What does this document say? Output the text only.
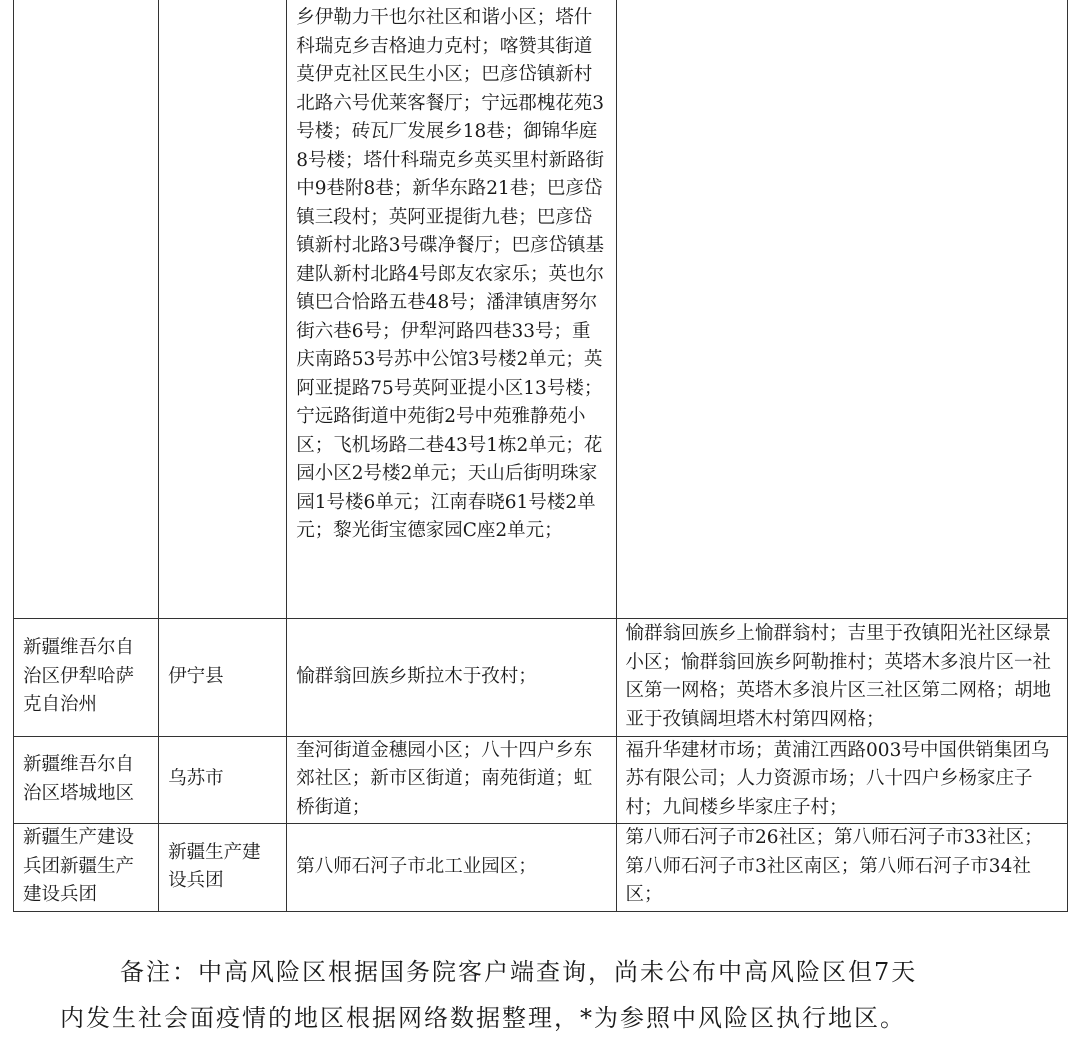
		乡伊勒力干也尔社区和谐小区；塔什科瑞克乡吉格迪力克村；喀赞其街道莫伊克社区民生小区；巴彦岱镇新村北路六号优莱客餐厅；宁远郡槐花苑3号楼；砖瓦厂发展乡18巷；御锦华庭8号楼；塔什科瑞克乡英买里村新路街中9巷附8巷；新华东路21巷；巴彦岱镇三段村；英阿亚提街九巷；巴彦岱镇新村北路3号碟净餐厅；巴彦岱镇基建队新村北路4号郎友农家乐；英也尔镇巴合恰路五巷48号；潘津镇唐努尔街六巷6号；伊犁河路四巷33号；重庆南路53号苏中公馆3号楼2单元；英阿亚提路75号英阿亚提小区13号楼；宁远路街道中苑街2号中苑雅静苑小区；飞机场路二巷43号1栋2单元；花园小区2号楼2单元；天山后街明珠家园1号楼6单元；江南春晓61号楼2单元；黎光街宝德家园C座2单元；	
新疆维吾尔自治区伊犁哈萨克自治州	伊宁县	愉群翁回族乡斯拉木于孜村；	愉群翁回族乡上愉群翁村；吉里于孜镇阳光社区绿景小区；愉群翁回族乡阿勒推村；英塔木多浪片区一社区第一网格；英塔木多浪片区三社区第二网格；胡地亚于孜镇阔坦塔木村第四网格；
新疆维吾尔自治区塔城地区	乌苏市	奎河街道金穗园小区；八十四户乡东郊社区；新市区街道；南苑街道；虹桥街道；	福升华建材市场；黄浦江西路003号中国供销集团乌苏有限公司；人力资源市场；八十四户乡杨家庄子村；九间楼乡毕家庄子村；
新疆生产建设兵团新疆生产建设兵团	新疆生产建设兵团	第八师石河子市北工业园区；	第八师石河子市26社区；第八师石河子市33社区；第八师石河子市3社区南区；第八师石河子市34社区；
备注：中高风险区根据国务院客户端查询，尚未公布中高风险区但7天
内发生社会面疫情的地区根据网络数据整理，*为参照中风险区执行地区。
